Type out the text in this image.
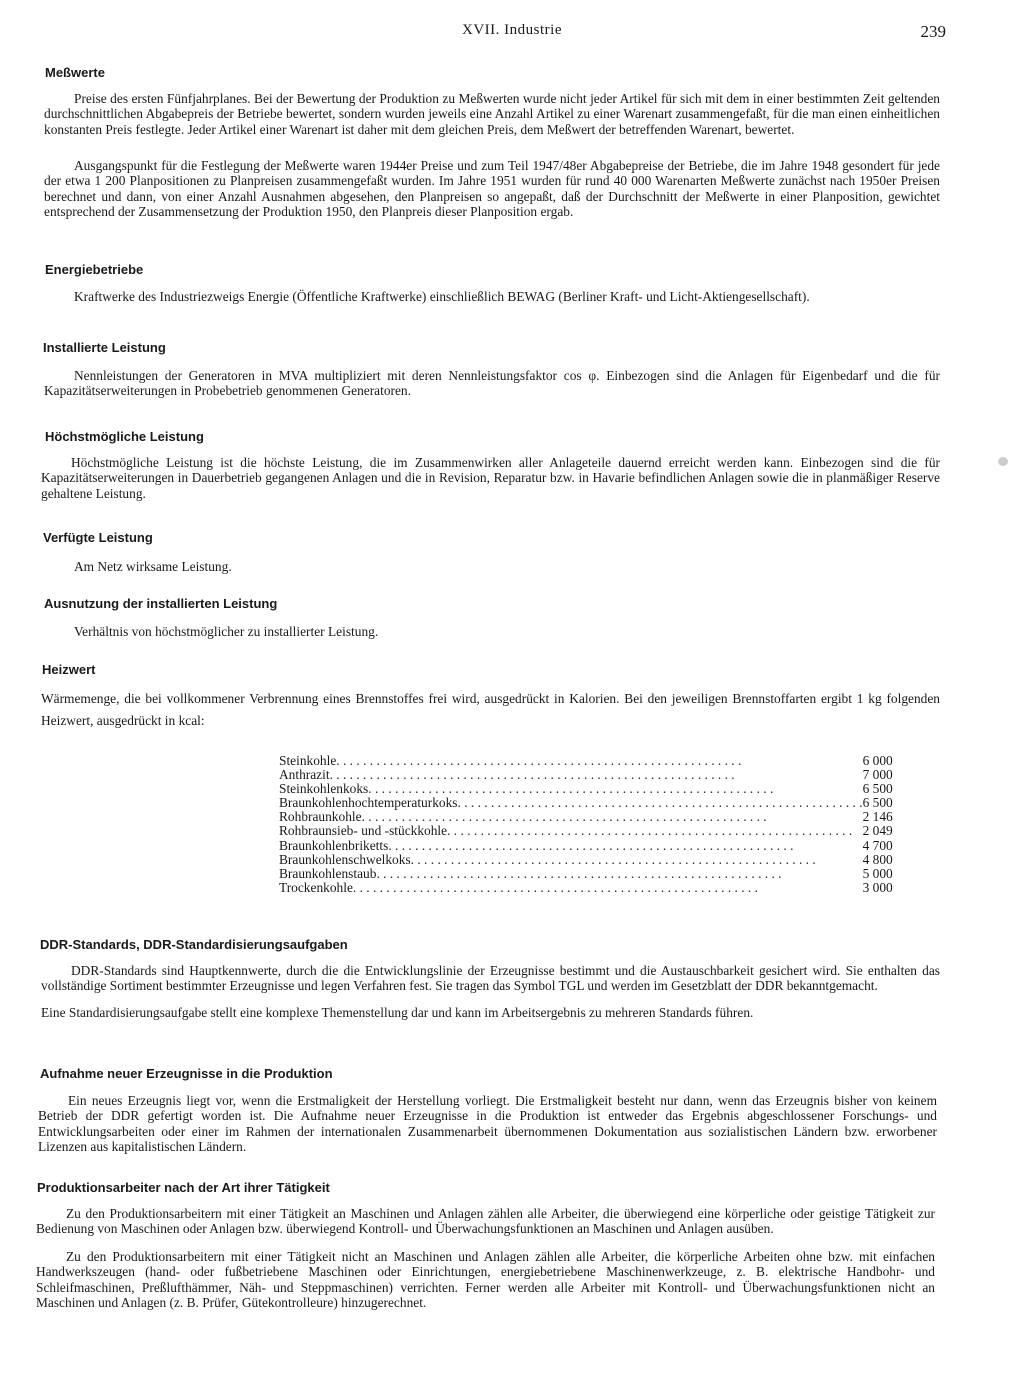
XVII. Industrie	239
Meßwerte

Preise des ersten Fünfjahrplanes. Bei der Bewertung der Produktion zu Meßwerten wurde nicht jeder Artikel für sich mit dem in einer bestimmten Zeit geltenden durchschnittlichen Abgabepreis der Betriebe bewertet, sondern wurden jeweils eine Anzahl Artikel zu einer Warenart zusammengefaßt, für die man einen einheitlichen konstanten Preis festlegte. Jeder Artikel einer Warenart ist daher mit dem gleichen Preis, dem Meßwert der betreffenden Warenart, bewertet.

Ausgangspunkt für die Festlegung der Meßwerte waren 1944er Preise und zum Teil 1947/48er Abgabepreise der Betriebe, die im Jahre 1948 gesondert für jede der etwa 1 200 Planpositionen zu Planpreisen zusammengefaßt wurden. Im Jahre 1951 wurden für rund 40 000 Warenarten Meßwerte zunächst nach 1950er Preisen berechnet und dann, von einer Anzahl Ausnahmen abgesehen, den Planpreisen so angepaßt, daß der Durchschnitt der Meßwerte in einer Planposition, gewichtet entsprechend der Zusammensetzung der Produktion 1950, den Planpreis dieser Planposition ergab.

Energiebetriebe

Kraftwerke des Industriezweigs Energie (Öffentliche Kraftwerke) einschließlich BEWAG (Berliner Kraft- und Licht-Aktiengesellschaft).

Installierte Leistung

Nennleistungen der Generatoren in MVA multipliziert mit deren Nennleistungsfaktor cos φ. Einbezogen sind die Anlagen für Eigenbedarf und die für Kapazitätserweiterungen in Probebetrieb genommenen Generatoren.

Höchstmögliche Leistung

Höchstmögliche Leistung ist die höchste Leistung, die im Zusammenwirken aller Anlageteile dauernd erreicht werden kann. Einbezogen sind die für Kapazitätserweiterungen in Dauerbetrieb gegangenen Anlagen und die in Revision, Reparatur bzw. in Havarie befindlichen Anlagen sowie die in planmäßiger Reserve gehaltene Leistung.

Verfügte Leistung

Am Netz wirksame Leistung.

Ausnutzung der installierten Leistung

Verhältnis von höchstmöglicher zu installierter Leistung.

Heizwert

Wärmemenge, die bei vollkommener Verbrennung eines Brennstoffes frei wird, ausgedrückt in Kalorien. Bei den jeweiligen Brennstoffarten ergibt 1 kg folgenden Heizwert, ausgedrückt in kcal:

Steinkohle
. . .	6 000

Anthrazit
. . .	7 000

Steinkohlenkoks
. . .	6 500

Braunkohlenhochtemperaturkoks
. . .	6 500

Rohbraunkohle
. . .	2 146

Rohbraunsieb- und -stückkohle
. . .	2 049

Braunkohlenbriketts
. . .	4 700

Braunkohlenschwelkoks
. . .	4 800

Braunkohlenstaub
. . .	5 000

Trockenkohle
. . .	3 000
DDR-Standards, DDR-Standardisierungsaufgaben

DDR-Standards sind Hauptkennwerte, durch die die Entwicklungslinie der Erzeugnisse bestimmt und die Austauschbarkeit gesichert wird. Sie enthalten das vollständige Sortiment bestimmter Erzeugnisse und legen Verfahren fest. Sie tragen das Symbol TGL und werden im Gesetzblatt der DDR bekanntgemacht.

Eine Standardisierungsaufgabe stellt eine komplexe Themenstellung dar und kann im Arbeitsergebnis zu mehreren Standards führen.

Aufnahme neuer Erzeugnisse in die Produktion

Ein neues Erzeugnis liegt vor, wenn die Erstmaligkeit der Herstellung vorliegt. Die Erstmaligkeit besteht nur dann, wenn das Erzeugnis bisher von keinem Betrieb der DDR gefertigt worden ist. Die Aufnahme neuer Erzeugnisse in die Produktion ist entweder das Ergebnis abgeschlossener Forschungs- und Entwicklungsarbeiten oder einer im Rahmen der internationalen Zusammenarbeit übernommenen Dokumentation aus sozialistischen Ländern bzw. erworbener Lizenzen aus kapitalistischen Ländern.

Produktionsarbeiter nach der Art ihrer Tätigkeit

Zu den Produktionsarbeitern mit einer Tätigkeit an Maschinen und Anlagen zählen alle Arbeiter, die überwiegend eine körperliche oder geistige Tätigkeit zur Bedienung von Maschinen oder Anlagen bzw. überwiegend Kontroll- und Überwachungsfunktionen an Maschinen und Anlagen ausüben.

Zu den Produktionsarbeitern mit einer Tätigkeit nicht an Maschinen und Anlagen zählen alle Arbeiter, die körperliche Arbeiten ohne bzw. mit einfachen Handwerkszeugen (hand- oder fußbetriebene Maschinen oder Einrichtungen, energiebetriebene Maschinenwerkzeuge, z. B. elektrische Handbohr- und Schleifmaschinen, Preßlufthämmer, Näh- und Steppmaschinen) verrichten. Ferner werden alle Arbeiter mit Kontroll- und Überwachungsfunktionen nicht an Maschinen und Anlagen (z. B. Prüfer, Gütekontrolleure) hinzugerechnet.
